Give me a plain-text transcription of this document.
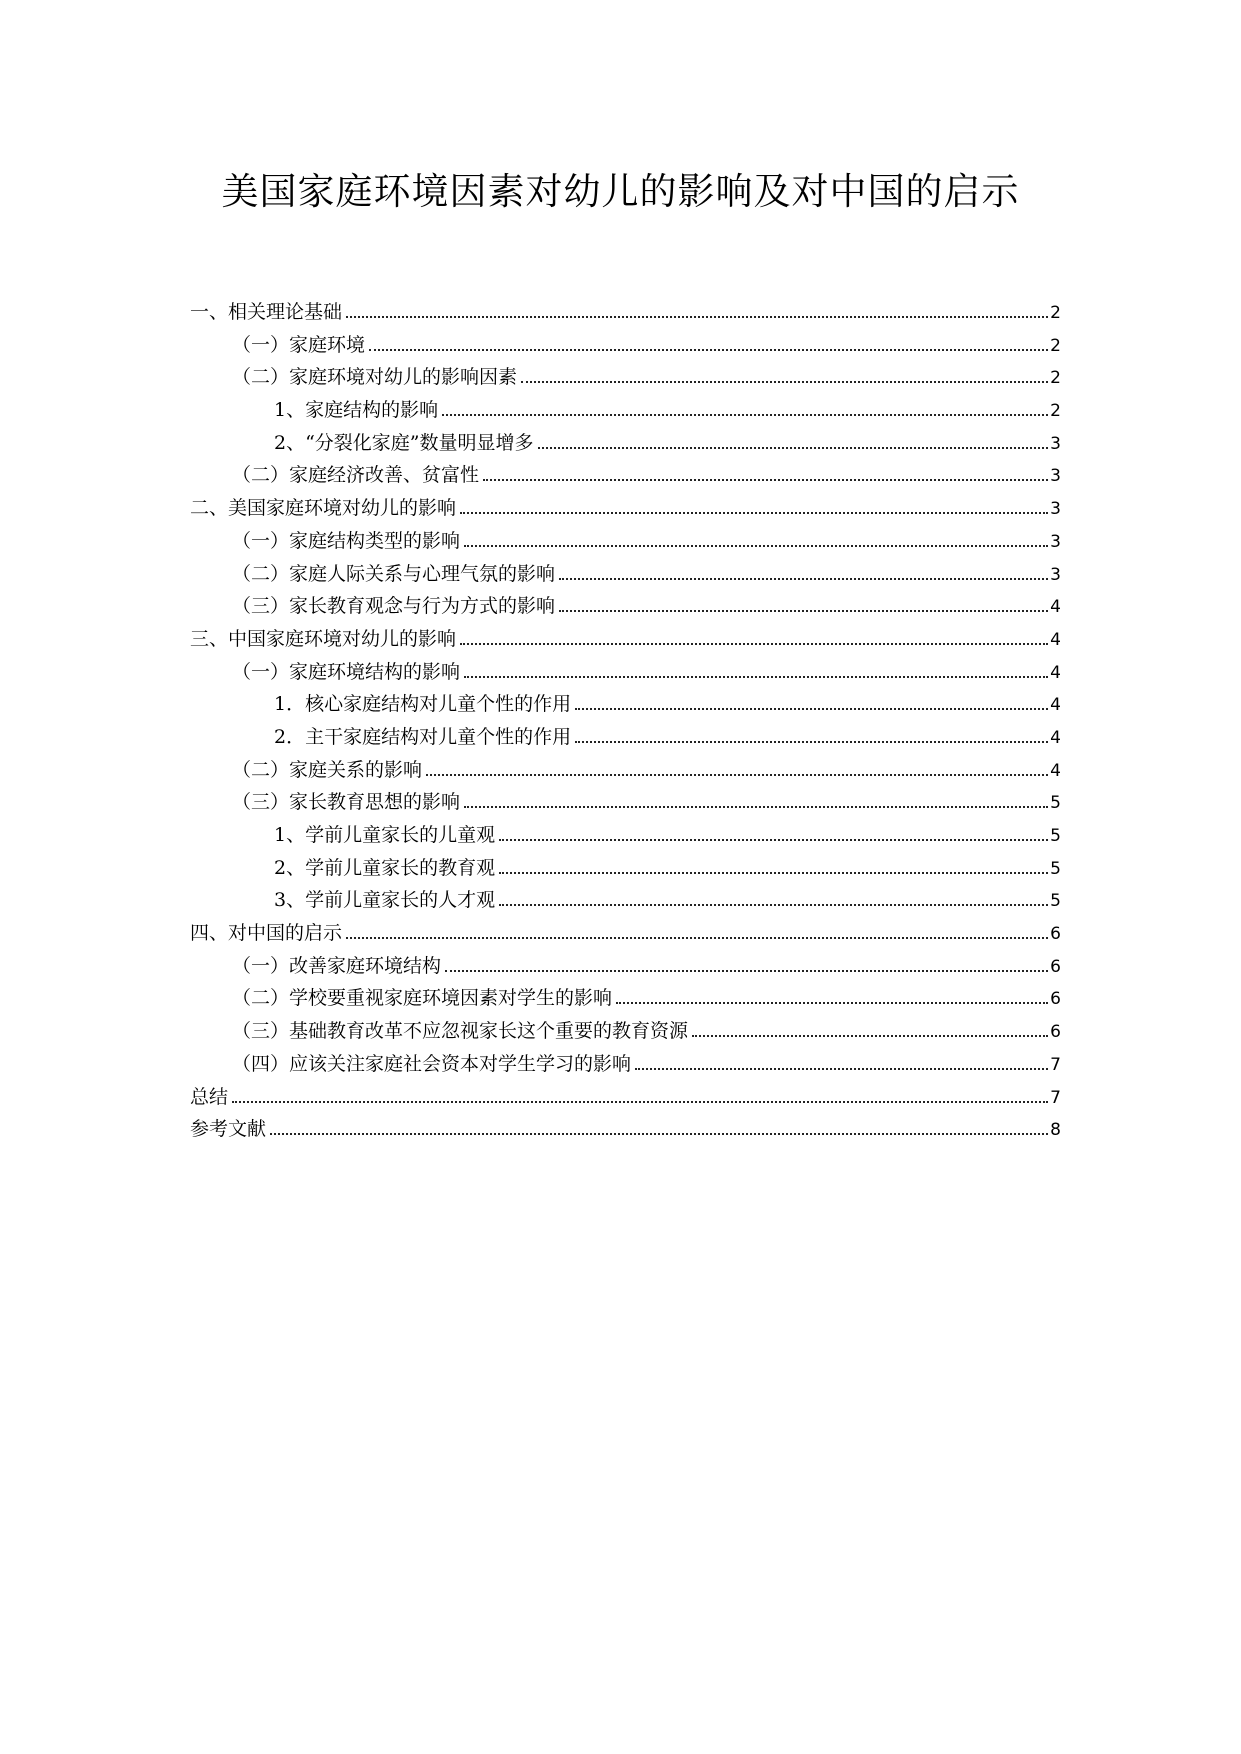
美国家庭环境因素对幼儿的影响及对中国的启示
一、相关理论基础	2
（一）家庭环境	2
（二）家庭环境对幼儿的影响因素	2
1、家庭结构的影响	2
2、“分裂化家庭”数量明显增多	3
（二）家庭经济改善、贫富性	3
二、美国家庭环境对幼儿的影响	3
（一）家庭结构类型的影响	3
（二）家庭人际关系与心理气氛的影响	3
（三）家长教育观念与行为方式的影响	4
三、中国家庭环境对幼儿的影响	4
（一）家庭环境结构的影响	4
1．核心家庭结构对儿童个性的作用	4
2．主干家庭结构对儿童个性的作用	4
（二）家庭关系的影响	4
（三）家长教育思想的影响	5
1、学前儿童家长的儿童观	5
2、学前儿童家长的教育观	5
3、学前儿童家长的人才观	5
四、对中国的启示	6
（一）改善家庭环境结构	6
（二）学校要重视家庭环境因素对学生的影响	6
（三）基础教育改革不应忽视家长这个重要的教育资源	6
（四）应该关注家庭社会资本对学生学习的影响	7
总结	7
参考文献	8
